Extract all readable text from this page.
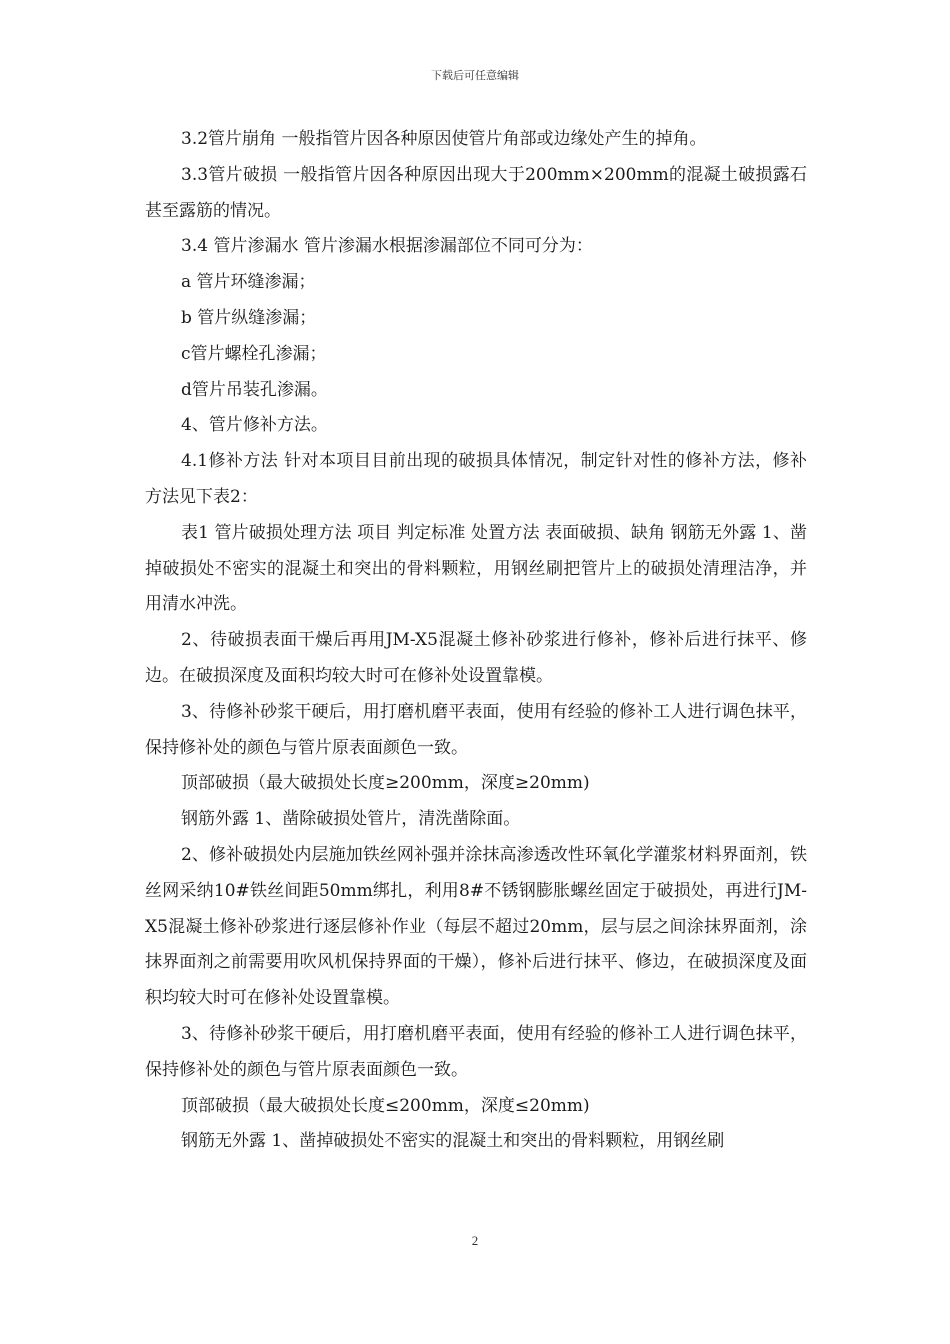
下载后可任意编辑

3.2管片崩角 一般指管片因各种原因使管片角部或边缘处产生的掉角。

3.3管片破损 一般指管片因各种原因出现大于200mm×200mm的混凝土破损露石甚至露筋的情况。

3.4 管片渗漏水 管片渗漏水根据渗漏部位不同可分为：

a 管片环缝渗漏；

b 管片纵缝渗漏；

c管片螺栓孔渗漏；

d管片吊装孔渗漏。

4、管片修补方法。

4.1修补方法 针对本项目目前出现的破损具体情况，制定针对性的修补方法，修补方法见下表2：

表1 管片破损处理方法 项目 判定标准 处置方法 表面破损、缺角 钢筋无外露 1、凿掉破损处不密实的混凝土和突出的骨料颗粒，用钢丝刷把管片上的破损处清理洁净，并用清水冲洗。

2、待破损表面干燥后再用JM-X5混凝土修补砂浆进行修补，修补后进行抹平、修边。在破损深度及面积均较大时可在修补处设置靠模。

3、待修补砂浆干硬后，用打磨机磨平表面，使用有经验的修补工人进行调色抹平，保持修补处的颜色与管片原表面颜色一致。

顶部破损（最大破损处长度≥200mm，深度≥20mm)

钢筋外露 1、凿除破损处管片，清洗凿除面。

2、修补破损处内层施加铁丝网补强并涂抹高渗透改性环氧化学灌浆材料界面剂，铁丝网采纳10#铁丝间距50mm绑扎，利用8#不锈钢膨胀螺丝固定于破损处，再进行JM-X5混凝土修补砂浆进行逐层修补作业（每层不超过20mm，层与层之间涂抹界面剂，涂抹界面剂之前需要用吹风机保持界面的干燥），修补后进行抹平、修边，在破损深度及面积均较大时可在修补处设置靠模。

3、待修补砂浆干硬后，用打磨机磨平表面，使用有经验的修补工人进行调色抹平，保持修补处的颜色与管片原表面颜色一致。

顶部破损（最大破损处长度≤200mm，深度≤20mm)

钢筋无外露 1、凿掉破损处不密实的混凝土和突出的骨料颗粒，用钢丝刷

2
